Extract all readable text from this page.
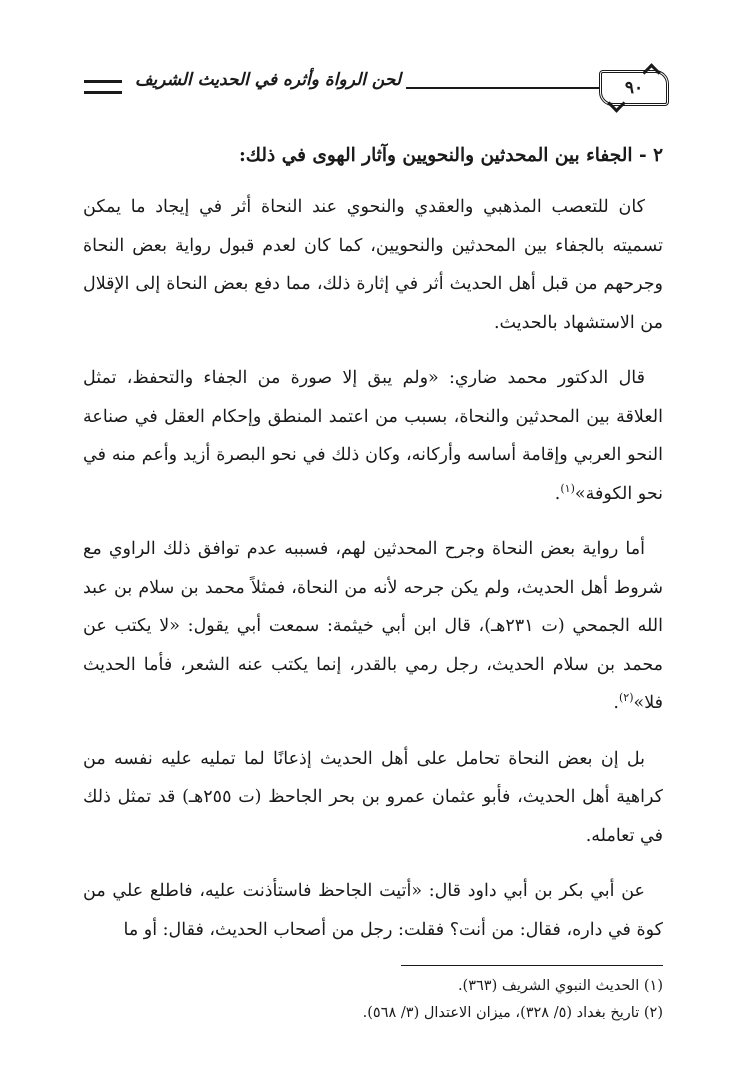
٩٠
لحن الرواة وأثره في الحديث الشريف
٢ - الجفاء بين المحدثين والنحويين وآثار الهوى في ذلك:

كان للتعصب المذهبي والعقدي والنحوي عند النحاة أثر في إيجاد ما يمكن تسميته بالجفاء بين المحدثين والنحويين، كما كان لعدم قبول رواية بعض النحاة وجرحهم من قبل أهل الحديث أثر في إثارة ذلك، مما دفع بعض النحاة إلى الإقلال من الاستشهاد بالحديث.

قال الدكتور محمد ضاري: «ولم يبق إلا صورة من الجفاء والتحفظ، تمثل العلاقة بين المحدثين والنحاة، بسبب من اعتمد المنطق وإحكام العقل في صناعة النحو العربي وإقامة أساسه وأركانه، وكان ذلك في نحو البصرة أزيد وأعم منه في نحو الكوفة»$^{(١)}$.

أما رواية بعض النحاة وجرح المحدثين لهم، فسببه عدم توافق ذلك الراوي مع شروط أهل الحديث، ولم يكن جرحه لأنه من النحاة، فمثلاً محمد بن سلام بن عبد الله الجمحي (ت ٢٣١هـ)، قال ابن أبي خيثمة: سمعت أبي يقول: «لا يكتب عن محمد بن سلام الحديث، رجل رمي بالقدر، إنما يكتب عنه الشعر، فأما الحديث فلا»$^{(٢)}$.

بل إن بعض النحاة تحامل على أهل الحديث إذعانًا لما تمليه عليه نفسه من كراهية أهل الحديث، فأبو عثمان عمرو بن بحر الجاحظ (ت ٢٥٥هـ) قد تمثل ذلك في تعامله.

عن أبي بكر بن أبي داود قال: «أتيت الجاحظ فاستأذنت عليه، فاطلع علي من كوة في داره، فقال: من أنت؟ فقلت: رجل من أصحاب الحديث، فقال: أو ما

(١) الحديث النبوي الشريف (٣٦٣).

(٢) تاريخ بغداد (٥/ ٣٢٨)، ميزان الاعتدال (٣/ ٥٦٨).
